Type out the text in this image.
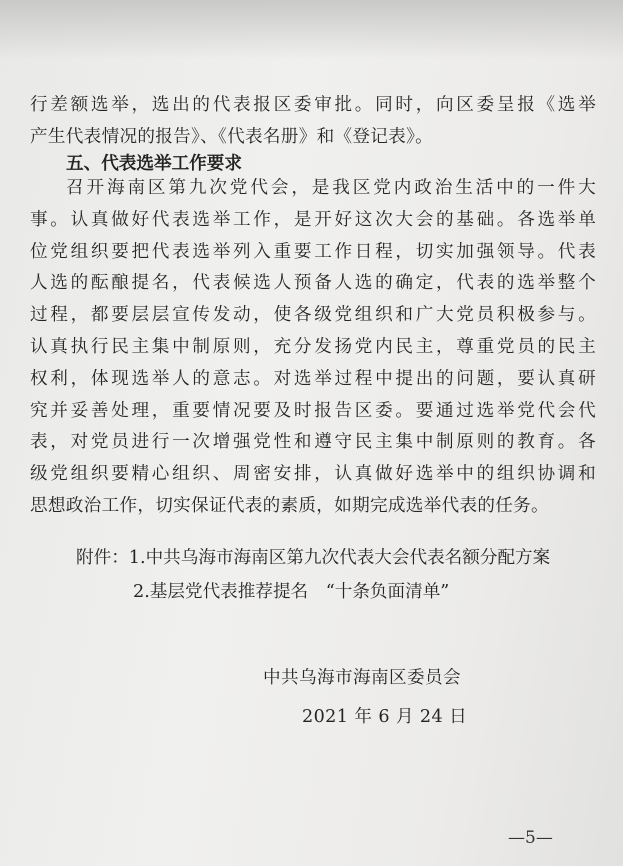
行差额选举，选出的代表报区委审批。同时，向区委呈报《选举
产生代表情况的报告》、《代表名册》和《登记表》。
五、代表选举工作要求
召开海南区第九次党代会，是我区党内政治生活中的一件大
事。认真做好代表选举工作，是开好这次大会的基础。各选举单
位党组织要把代表选举列入重要工作日程，切实加强领导。代表
人选的酝酿提名，代表候选人预备人选的确定，代表的选举整个
过程，都要层层宣传发动，使各级党组织和广大党员积极参与。
认真执行民主集中制原则，充分发扬党内民主，尊重党员的民主
权利，体现选举人的意志。对选举过程中提出的问题，要认真研
究并妥善处理，重要情况要及时报告区委。要通过选举党代会代
表，对党员进行一次增强党性和遵守民主集中制原则的教育。各
级党组织要精心组织、周密安排，认真做好选举中的组织协调和
思想政治工作，切实保证代表的素质，如期完成选举代表的任务。
附件：1.中共乌海市海南区第九次代表大会代表名额分配方案
2.基层党代表推荐提名　“十条负面清单”
中共乌海市海南区委员会
2021 年 6 月 24 日
—5—
